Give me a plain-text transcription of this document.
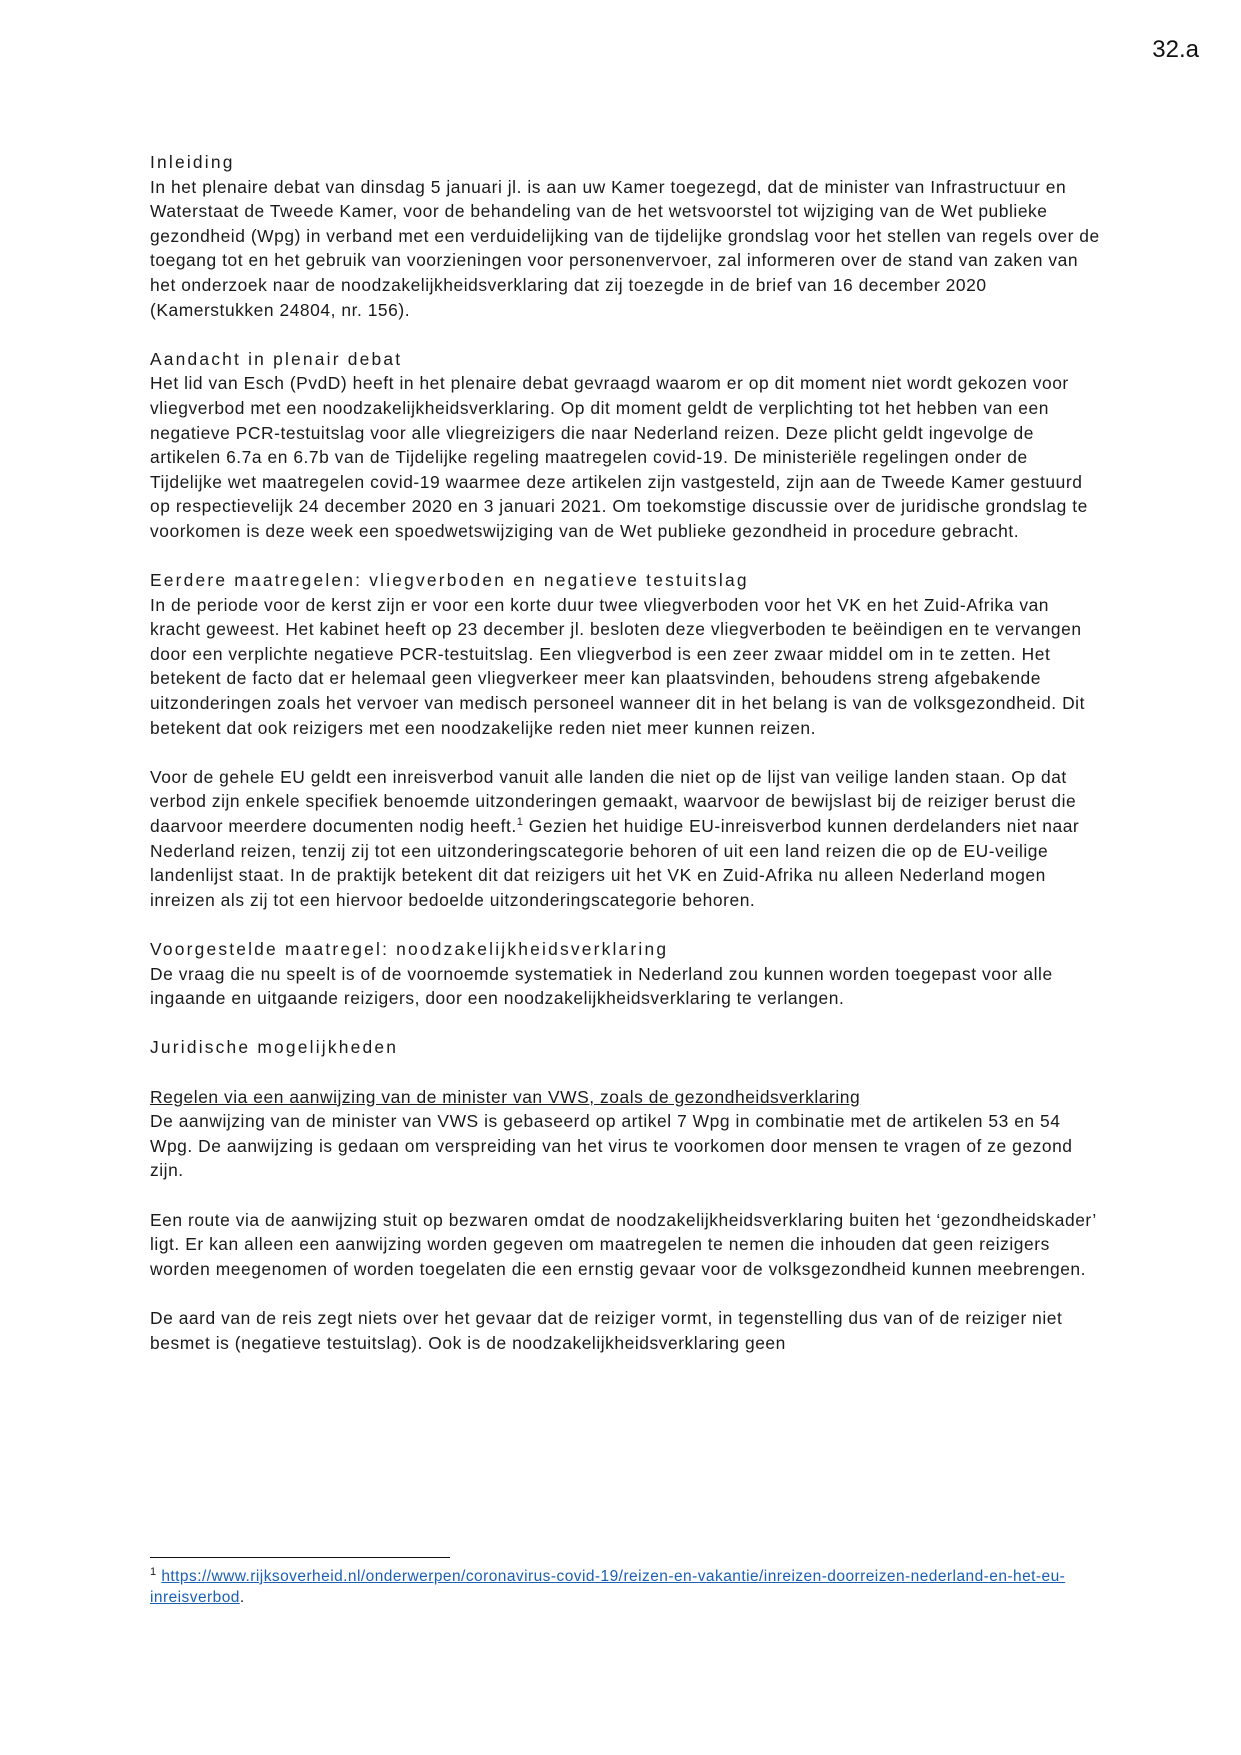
32.a

Inleiding

In het plenaire debat van dinsdag 5 januari jl. is aan uw Kamer toegezegd, dat de minister van Infrastructuur en Waterstaat de Tweede Kamer, voor de behandeling van de het wetsvoorstel tot wijziging van de Wet publieke gezondheid (Wpg) in verband met een verduidelijking van de tijdelijke grondslag voor het stellen van regels over de toegang tot en het gebruik van voorzieningen voor personenvervoer, zal informeren over de stand van zaken van het onderzoek naar de noodzakelijkheidsverklaring dat zij toezegde in de brief van 16 december 2020 (Kamerstukken 24804, nr. 156).

Aandacht in plenair debat

Het lid van Esch (PvdD) heeft in het plenaire debat gevraagd waarom er op dit moment niet wordt gekozen voor vliegverbod met een noodzakelijkheidsverklaring. Op dit moment geldt de verplichting tot het hebben van een negatieve PCR-testuitslag voor alle vliegreizigers die naar Nederland reizen. Deze plicht geldt ingevolge de artikelen 6.7a en 6.7b van de Tijdelijke regeling maatregelen covid-19. De ministeriële regelingen onder de Tijdelijke wet maatregelen covid-19 waarmee deze artikelen zijn vastgesteld, zijn aan de Tweede Kamer gestuurd op respectievelijk 24 december 2020 en 3 januari 2021. Om toekomstige discussie over de juridische grondslag te voorkomen is deze week een spoedwetswijziging van de Wet publieke gezondheid in procedure gebracht.

Eerdere maatregelen: vliegverboden en negatieve testuitslag

In de periode voor de kerst zijn er voor een korte duur twee vliegverboden voor het VK en het Zuid-Afrika van kracht geweest. Het kabinet heeft op 23 december jl. besloten deze vliegverboden te beëindigen en te vervangen door een verplichte negatieve PCR-testuitslag. Een vliegverbod is een zeer zwaar middel om in te zetten. Het betekent de facto dat er helemaal geen vliegverkeer meer kan plaatsvinden, behoudens streng afgebakende uitzonderingen zoals het vervoer van medisch personeel wanneer dit in het belang is van de volksgezondheid. Dit betekent dat ook reizigers met een noodzakelijke reden niet meer kunnen reizen.

Voor de gehele EU geldt een inreisverbod vanuit alle landen die niet op de lijst van veilige landen staan. Op dat verbod zijn enkele specifiek benoemde uitzonderingen gemaakt, waarvoor de bewijslast bij de reiziger berust die daarvoor meerdere documenten nodig heeft.$^1$ Gezien het huidige EU-inreisverbod kunnen derdelanders niet naar Nederland reizen, tenzij zij tot een uitzonderingscategorie behoren of uit een land reizen die op de EU-veilige landenlijst staat. In de praktijk betekent dit dat reizigers uit het VK en Zuid-Afrika nu alleen Nederland mogen inreizen als zij tot een hiervoor bedoelde uitzonderingscategorie behoren.

Voorgestelde maatregel: noodzakelijkheidsverklaring

De vraag die nu speelt is of de voornoemde systematiek in Nederland zou kunnen worden toegepast voor alle ingaande en uitgaande reizigers, door een noodzakelijkheidsverklaring te verlangen.

Juridische mogelijkheden

Regelen via een aanwijzing van de minister van VWS, zoals de gezondheidsverklaring

De aanwijzing van de minister van VWS is gebaseerd op artikel 7 Wpg in combinatie met de artikelen 53 en 54 Wpg. De aanwijzing is gedaan om verspreiding van het virus te voorkomen door mensen te vragen of ze gezond zijn.

Een route via de aanwijzing stuit op bezwaren omdat de noodzakelijkheidsverklaring buiten het ‘gezondheidskader’ ligt. Er kan alleen een aanwijzing worden gegeven om maatregelen te nemen die inhouden dat geen reizigers worden meegenomen of worden toegelaten die een ernstig gevaar voor de volksgezondheid kunnen meebrengen.

De aard van de reis zegt niets over het gevaar dat de reiziger vormt, in tegenstelling dus van of de reiziger niet besmet is (negatieve testuitslag). Ook is de noodzakelijkheidsverklaring geen

$^1$ https://www.rijksoverheid.nl/onderwerpen/coronavirus-covid-19/reizen-en-vakantie/inreizen-doorreizen-nederland-en-het-eu-inreisverbod.
